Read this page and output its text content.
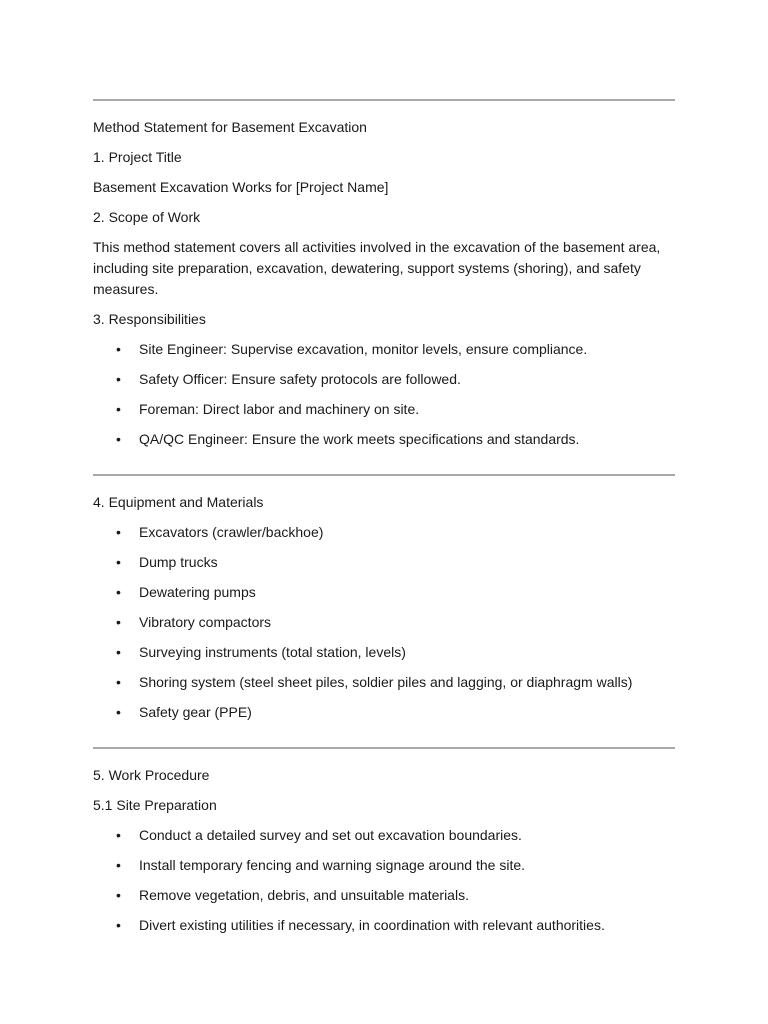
Method Statement for Basement Excavation

1. Project Title

Basement Excavation Works for [Project Name]

2. Scope of Work

This method statement covers all activities involved in the excavation of the basement area, including site preparation, excavation, dewatering, support systems (shoring), and safety measures.

3. Responsibilities

• Site Engineer: Supervise excavation, monitor levels, ensure compliance.
• Safety Officer: Ensure safety protocols are followed.
• Foreman: Direct labor and machinery on site.
• QA/QC Engineer: Ensure the work meets specifications and standards.

4. Equipment and Materials

• Excavators (crawler/backhoe)
• Dump trucks
• Dewatering pumps
• Vibratory compactors
• Surveying instruments (total station, levels)
• Shoring system (steel sheet piles, soldier piles and lagging, or diaphragm walls)
• Safety gear (PPE)

5. Work Procedure

5.1 Site Preparation

• Conduct a detailed survey and set out excavation boundaries.
• Install temporary fencing and warning signage around the site.
• Remove vegetation, debris, and unsuitable materials.
• Divert existing utilities if necessary, in coordination with relevant authorities.
